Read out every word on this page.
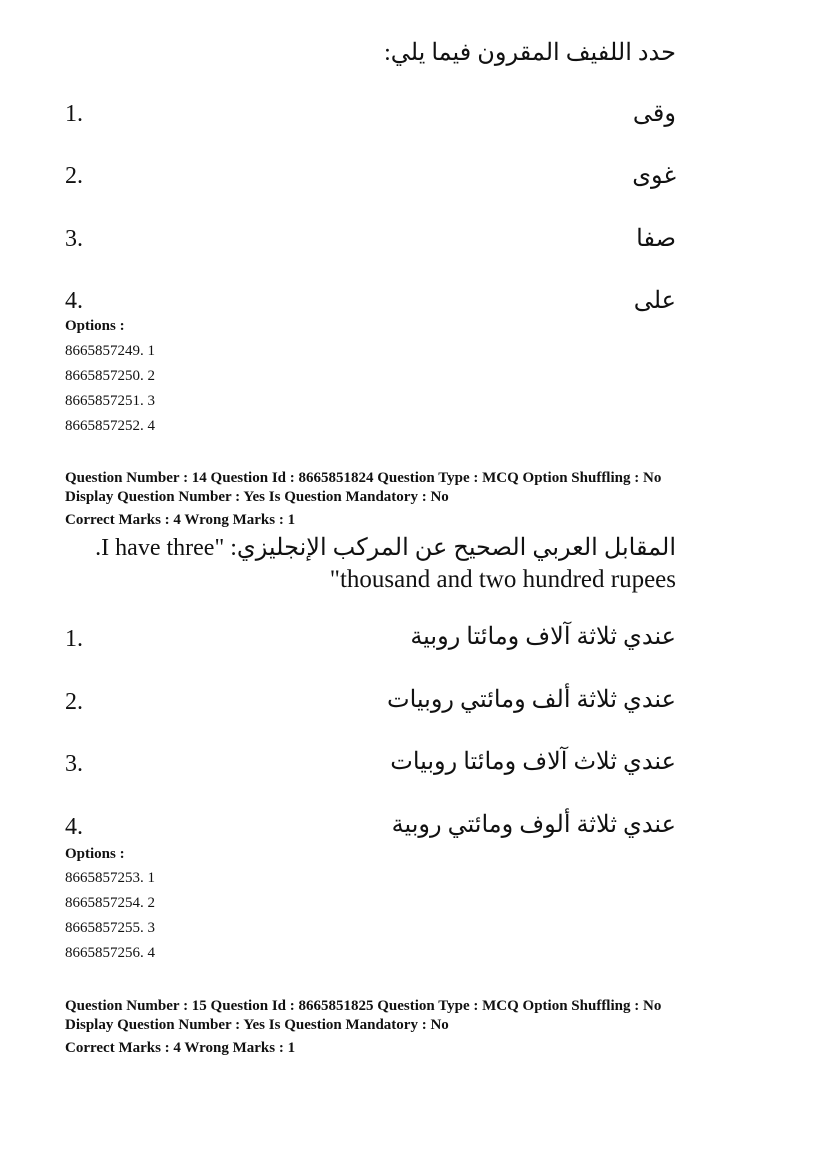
حدد اللفيف المقرون فيما يلي:
1.	وقى
2.	غوى
3.	صفا
4.	على
Options :
8665857249. 1
8665857250. 2
8665857251. 3
8665857252. 4
Question Number : 14 Question Id : 8665851824 Question Type : MCQ Option Shuffling : No
Display Question Number : Yes Is Question Mandatory : No
Correct Marks : 4 Wrong Marks : 1
المقابل العربي الصحيح عن المركب الإنجليزي: "I have three.
"thousand and two hundred rupees
1.	عندي ثلاثة آلاف ومائتا روبية
2.	عندي ثلاثة ألف ومائتي روبيات
3.	عندي ثلاث آلاف ومائتا روبيات
4.	عندي ثلاثة ألوف ومائتي روبية
Options :
8665857253. 1
8665857254. 2
8665857255. 3
8665857256. 4
Question Number : 15 Question Id : 8665851825 Question Type : MCQ Option Shuffling : No
Display Question Number : Yes Is Question Mandatory : No
Correct Marks : 4 Wrong Marks : 1
